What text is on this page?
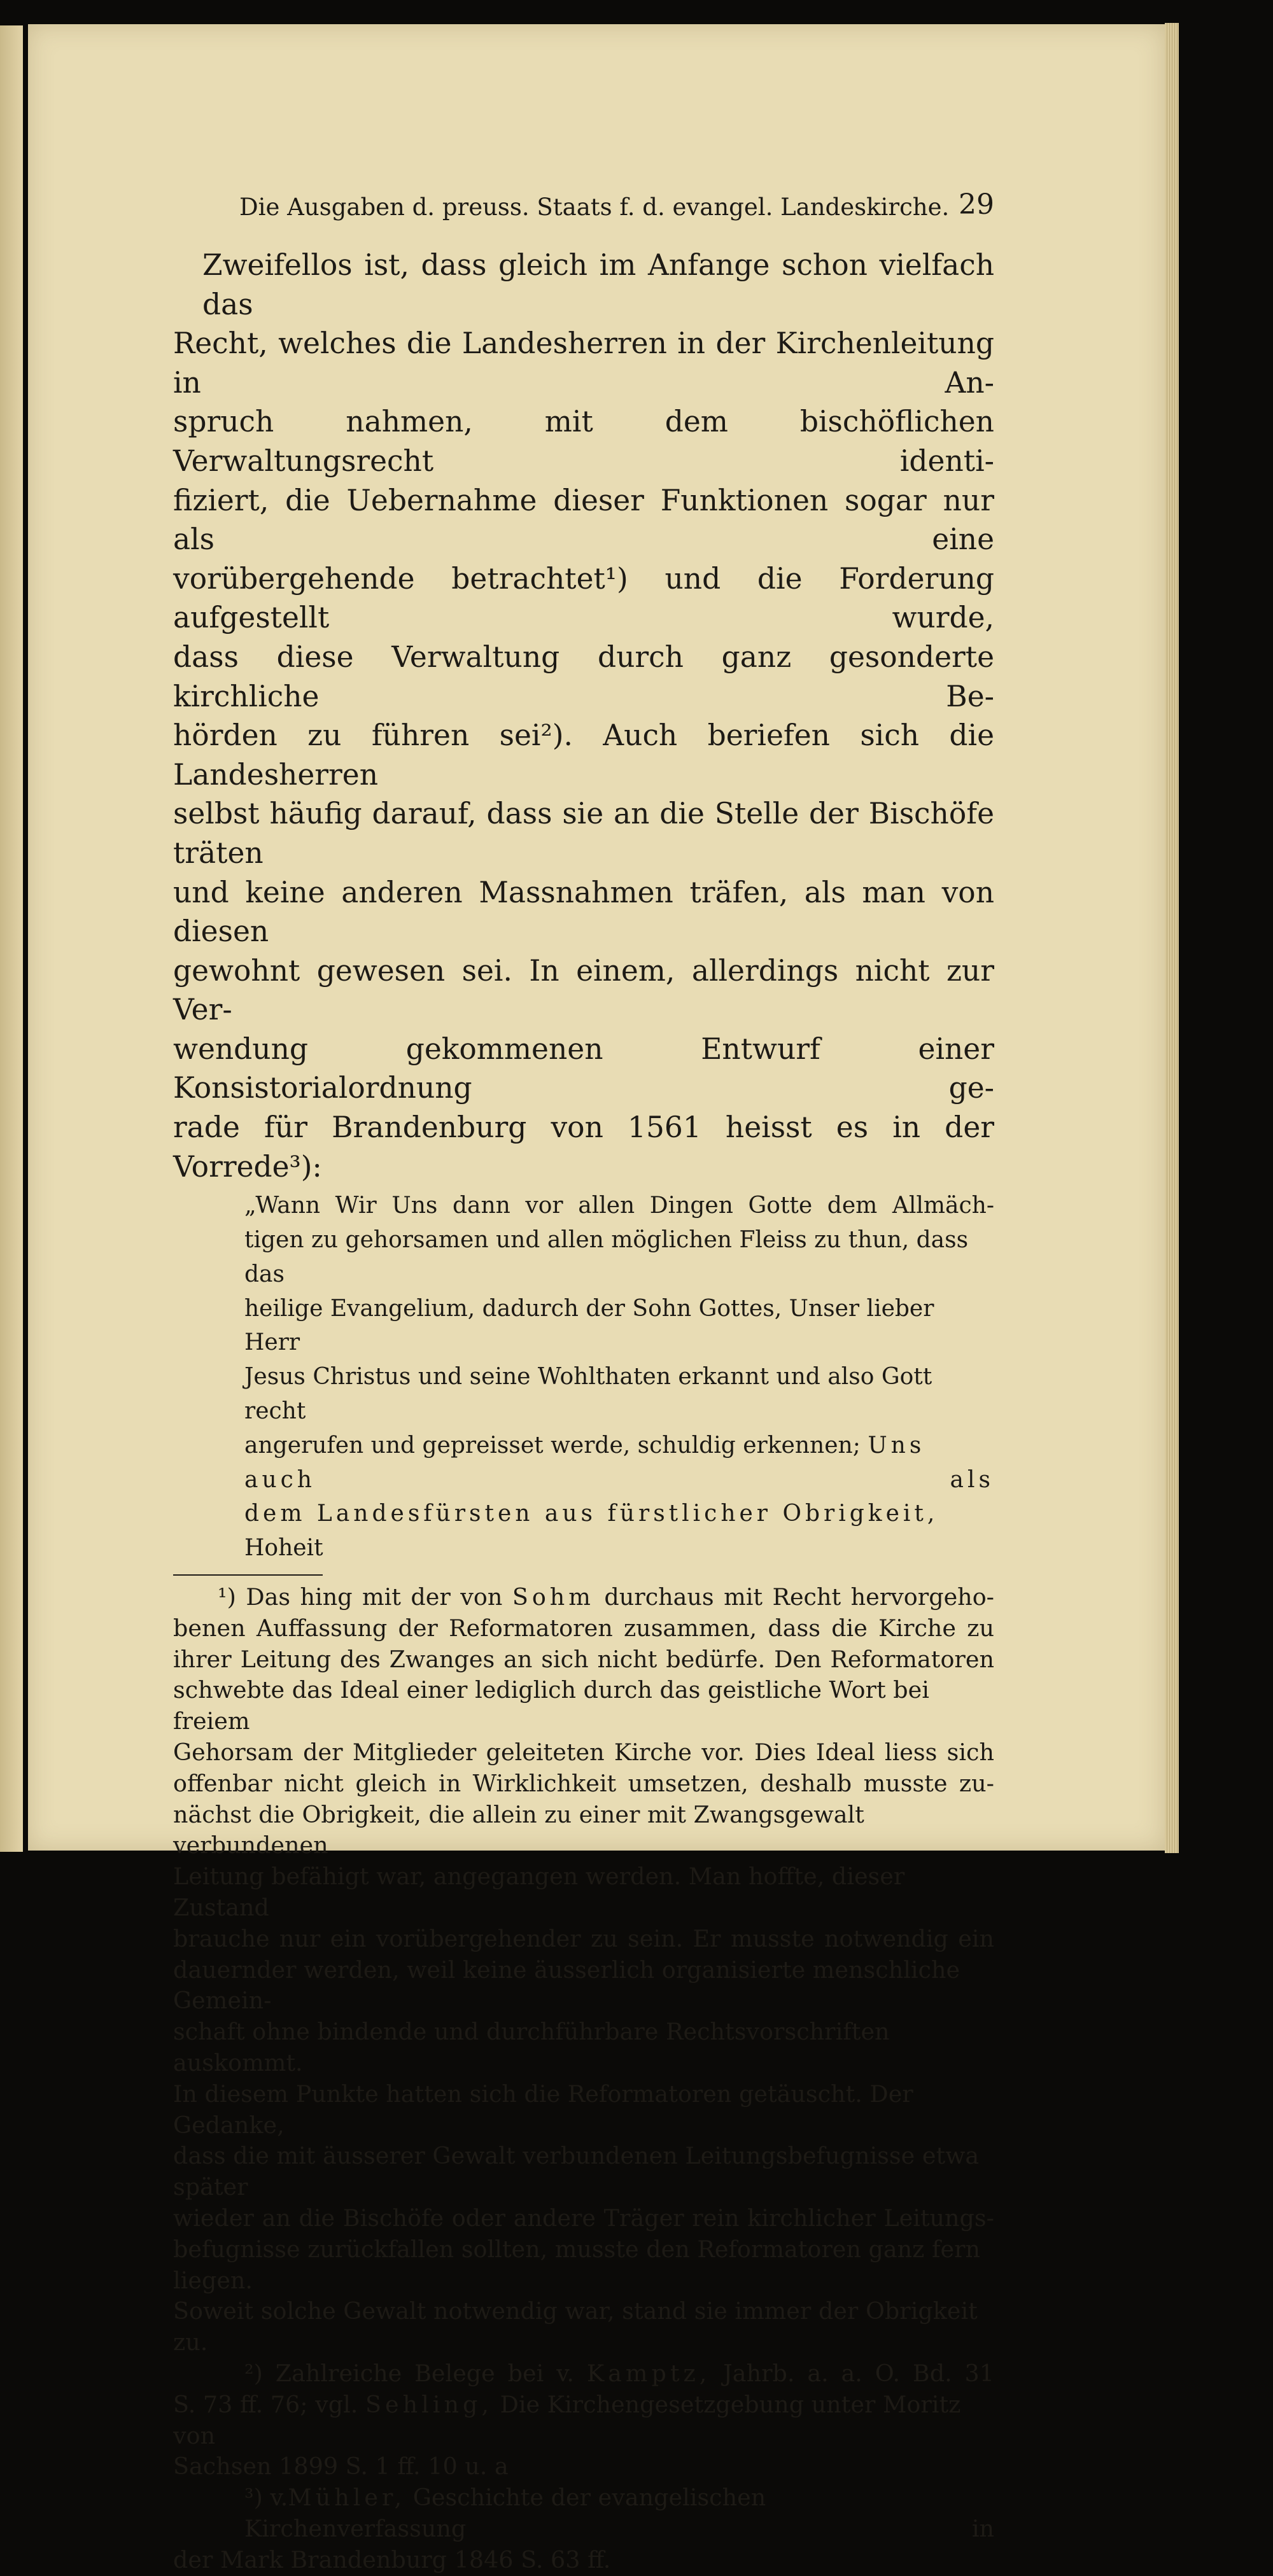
Die Ausgaben d. preuss. Staats f. d. evangel. Landeskirche. 29
Zweifellos ist, dass gleich im Anfange schon vielfach das
Recht, welches die Landesherren in der Kirchenleitung in An-
spruch nahmen, mit dem bischöflichen Verwaltungsrecht identi-
fiziert, die Uebernahme dieser Funktionen sogar nur als eine
vorübergehende betrachtet¹) und die Forderung aufgestellt wurde,
dass diese Verwaltung durch ganz gesonderte kirchliche Be-
hörden zu führen sei²). Auch beriefen sich die Landesherren
selbst häufig darauf, dass sie an die Stelle der Bischöfe träten
und keine anderen Massnahmen träfen, als man von diesen
gewohnt gewesen sei. In einem, allerdings nicht zur Ver-
wendung gekommenen Entwurf einer Konsistorialordnung ge-
rade für Brandenburg von 1561 heisst es in der Vorrede³):
„Wann Wir Uns dann vor allen Dingen Gotte dem Allmäch-
tigen zu gehorsamen und allen möglichen Fleiss zu thun, dass das
heilige Evangelium, dadurch der Sohn Gottes, Unser lieber Herr
Jesus Christus und seine Wohlthaten erkannt und also Gott recht
angerufen und gepreisset werde, schuldig erkennen; Uns auch als
dem Landesfürsten aus fürstlicher Obrigkeit, Hoheit
¹) Das hing mit der von Sohm durchaus mit Recht hervorgeho-
benen Auffassung der Reformatoren zusammen, dass die Kirche zu
ihrer Leitung des Zwanges an sich nicht bedürfe. Den Reformatoren
schwebte das Ideal einer lediglich durch das geistliche Wort bei freiem
Gehorsam der Mitglieder geleiteten Kirche vor. Dies Ideal liess sich
offenbar nicht gleich in Wirklichkeit umsetzen, deshalb musste zu-
nächst die Obrigkeit, die allein zu einer mit Zwangsgewalt verbundenen
Leitung befähigt war, angegangen werden. Man hoffte, dieser Zustand
brauche nur ein vorübergehender zu sein. Er musste notwendig ein
dauernder werden, weil keine äusserlich organisierte menschliche Gemein-
schaft ohne bindende und durchführbare Rechtsvorschriften auskommt.
In diesem Punkte hatten sich die Reformatoren getäuscht. Der Gedanke,
dass die mit äusserer Gewalt verbundenen Leitungsbefugnisse etwa später
wieder an die Bischöfe oder andere Träger rein kirchlicher Leitungs-
befugnisse zurückfallen sollten, musste den Reformatoren ganz fern liegen.
Soweit solche Gewalt notwendig war, stand sie immer der Obrigkeit zu.
²) Zahlreiche Belege bei v. Kamptz, Jahrb. a. a. O. Bd. 31
S. 73 ff. 76; vgl. Sehling, Die Kirchengesetzgebung unter Moritz von
Sachsen 1899 S. 1 ff. 10 u. a
³) v.Mühler, Geschichte der evangelischen Kirchenverfassung in
der Mark Brandenburg 1846 S. 63 ff.
